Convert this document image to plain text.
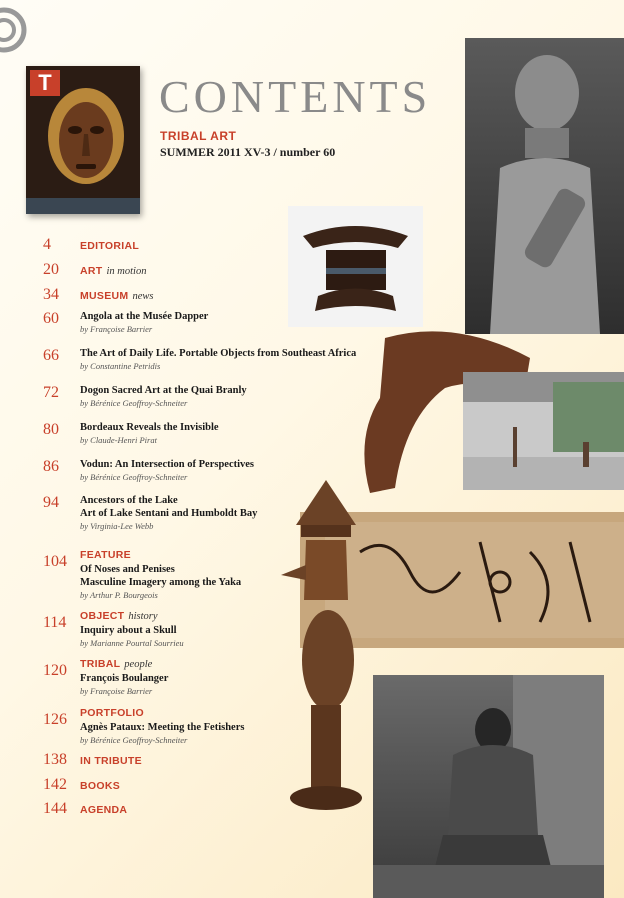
T CONTENTS
TRIBAL ART
SUMMER 2011 XV-3 / number 60
4	EDITORIAL
20 ART in motion
34 MUSEUM news
60 Angola at the Musée Dapper
by Françoise Barrier
66 The Art of Daily Life. Portable Objects from Southeast Africa
by Constantine Petridis
72 Dogon Sacred Art at the Quai Branly
by Bérénice Geoffroy-Schneiter
80 Bordeaux Reveals the Invisible
by Claude-Henri Pirat
86 Vodun: An Intersection of Perspectives
by Bérénice Geoffroy-Schneiter
94 Ancestors of the Lake
Art of Lake Sentani and Humboldt Bay
by Virginia-Lee Webb
104 FEATURE
Of Noses and Penises
Masculine Imagery among the Yaka
by Arthur P. Bourgeois
114 OBJECT history
Inquiry about a Skull
by Marianne Pourtal Sourrieu
120 TRIBAL people
François Boulanger
by Françoise Barrier
126 PORTFOLIO
Agnès Pataux: Meeting the Fetishers
by Bérénice Geoffroy-Schneiter
138 IN TRIBUTE
142 BOOKS
144 AGENDA
